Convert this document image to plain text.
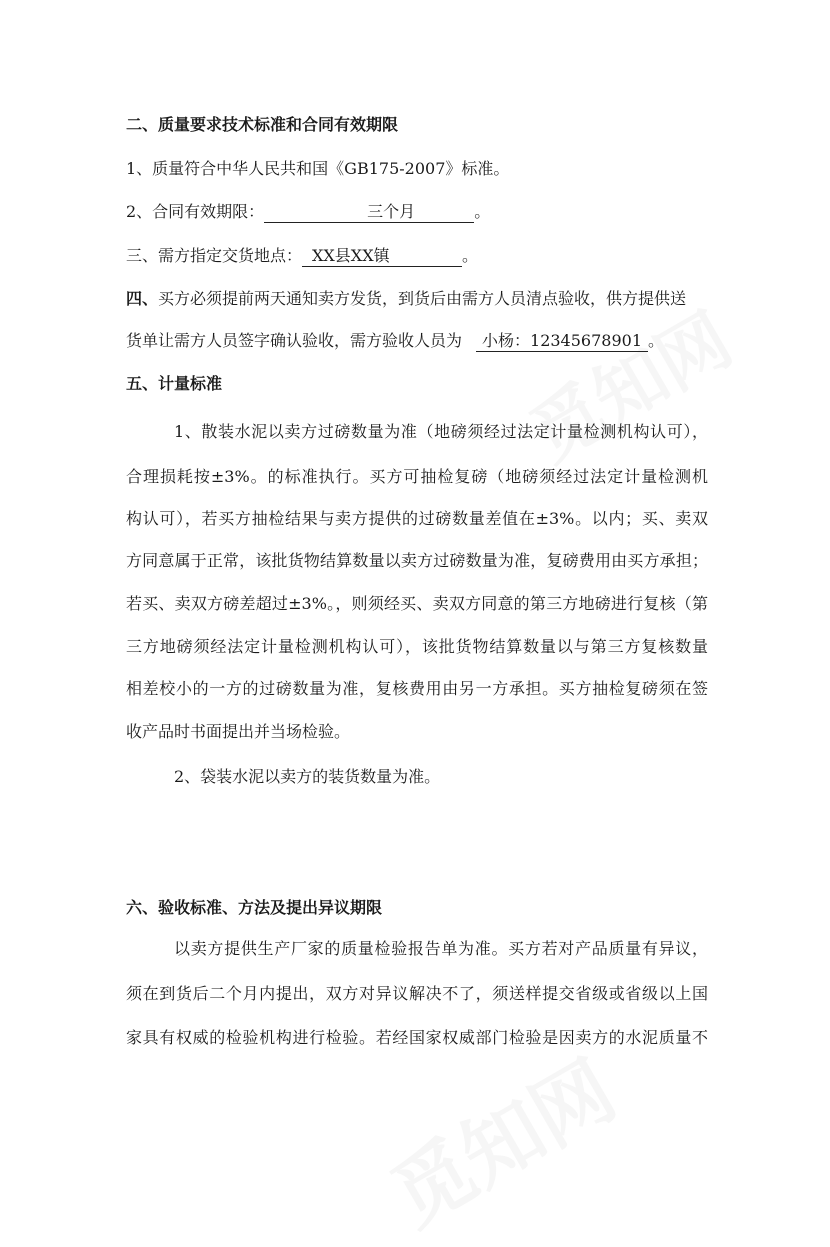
二、质量要求技术标准和合同有效期限
1、质量符合中华人民共和国《GB175-2007》标准。
2、合同有效期限：	三个月	。
三、需方指定交货地点： XX县XX镇	。
四、买方必须提前两天通知卖方发货，到货后由需方人员清点验收，供方提供送
货单让需方人员签字确认验收，需方验收人员为 小杨：12345678901 。
五、计量标准
1、散装水泥以卖方过磅数量为准（地磅须经过法定计量检测机构认可），
合理损耗按±3%。的标准执行。买方可抽检复磅（地磅须经过法定计量检测机
构认可），若买方抽检结果与卖方提供的过磅数量差值在±3%。以内；买、卖双
方同意属于正常，该批货物结算数量以卖方过磅数量为准，复磅费用由买方承担；
若买、卖双方磅差超过±3%。，则须经买、卖双方同意的第三方地磅进行复核（第
三方地磅须经法定计量检测机构认可），该批货物结算数量以与第三方复核数量
相差校小的一方的过磅数量为准，复核费用由另一方承担。买方抽检复磅须在签
收产品时书面提出并当场检验。
2、袋装水泥以卖方的装货数量为准。
六、验收标准、方法及提出异议期限
以卖方提供生产厂家的质量检验报告单为准。买方若对产品质量有异议，
须在到货后二个月内提出，双方对异议解决不了，须送样提交省级或省级以上国
家具有权威的检验机构进行检验。若经国家权威部门检验是因卖方的水泥质量不
